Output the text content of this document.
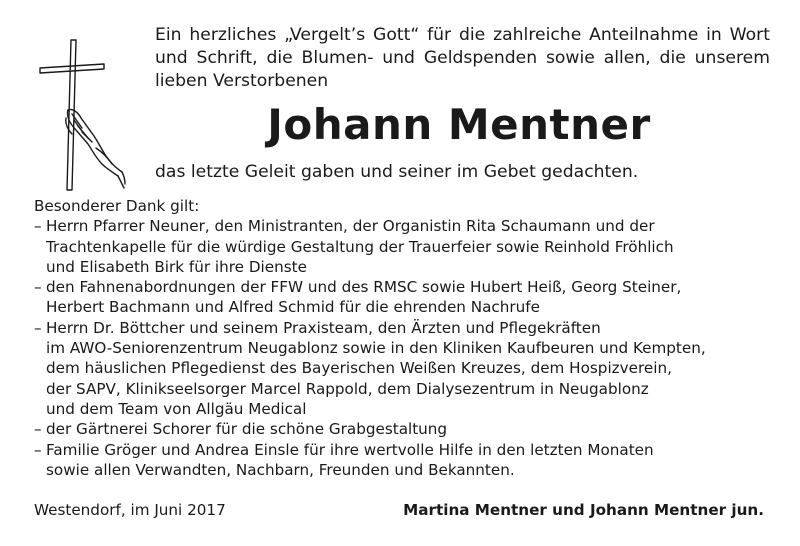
Ein herzliches „Vergelt’s Gott“ für die zahlreiche Anteilnahme in Wort und Schrift, die Blumen- und Geldspenden sowie allen, die unserem lieben Verstorbenen

Johann Mentner

das letzte Geleit gaben und seiner im Gebet gedachten.

Besonderer Dank gilt:

– Herrn Pfarrer Neuner, den Ministranten, der Organistin Rita Schaumann und der
Trachtenkapelle für die würdige Gestaltung der Trauerfeier sowie Reinhold Fröhlich
und Elisabeth Birk für ihre Dienste
– den Fahnenabordnungen der FFW und des RMSC sowie Hubert Heiß, Georg Steiner,
Herbert Bachmann und Alfred Schmid für die ehrenden Nachrufe
– Herrn Dr. Böttcher und seinem Praxisteam, den Ärzten und Pflegekräften
im AWO-Seniorenzentrum Neugablonz sowie in den Kliniken Kaufbeuren und Kempten,
dem häuslichen Pflegedienst des Bayerischen Weißen Kreuzes, dem Hospizverein,
der SAPV, Klinikseelsorger Marcel Rappold, dem Dialysezentrum in Neugablonz
und dem Team von Allgäu Medical
– der Gärtnerei Schorer für die schöne Grabgestaltung
– Familie Gröger und Andrea Einsle für ihre wertvolle Hilfe in den letzten Monaten
sowie allen Verwandten, Nachbarn, Freunden und Bekannten.

Westendorf, im Juni 2017	Martina Mentner und Johann Mentner jun.
